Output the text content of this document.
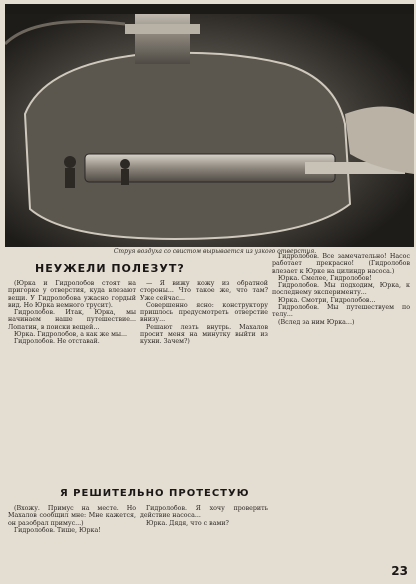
Струя воздуха со свистом вырывается из узкого отверстия.
НЕУЖЕЛИ ПОЛЕЗУТ?

(Юрка и Гидролобов стоят на пригорке у отверстия, куда влезают вещи. У Гидролобова ужасно гордый вид. Но Юрка немного трусит).

Гидролобов. Итак, Юрка, мы начинаем наше путешествие... Лопатин, в поиски вещей...

Юрка. Гидролобов, а как же мы...

Гидролобов. Не отставай.

— Я вижу кожу из обратной стороны... Что такое же, что там? Уже сейчас...

Совершенно ясно: конструктору пришлось предусмотреть отверстие внизу...

Решают лезть внутрь. Махалов просит меня на минутку выйти из кухни. Зачем?)

Гидролобов. Все замечательно! Насос работает прекрасно! (Гидролобов влезает к Юрке на цилиндр насоса.)

Юрка. Смелее, Гидролобов!

Гидролобов. Мы подходим, Юрка, к последнему эксперименту...

Юрка. Смотри, Гидролобов...

Гидролобов. Мы путешествуем по телу...

(Вслед за ним Юрка...)

Я РЕШИТЕЛЬНО ПРОТЕСТУЮ

(Вхожу. Примус на месте. Но Махалов сообщил мне: Мне кажется, он разобрал примус...)

Гидролобов. Тише, Юрка!

Гидролобов. Я хочу проверить действие насоса...

Юрка. Дядя, что с вами?

23
